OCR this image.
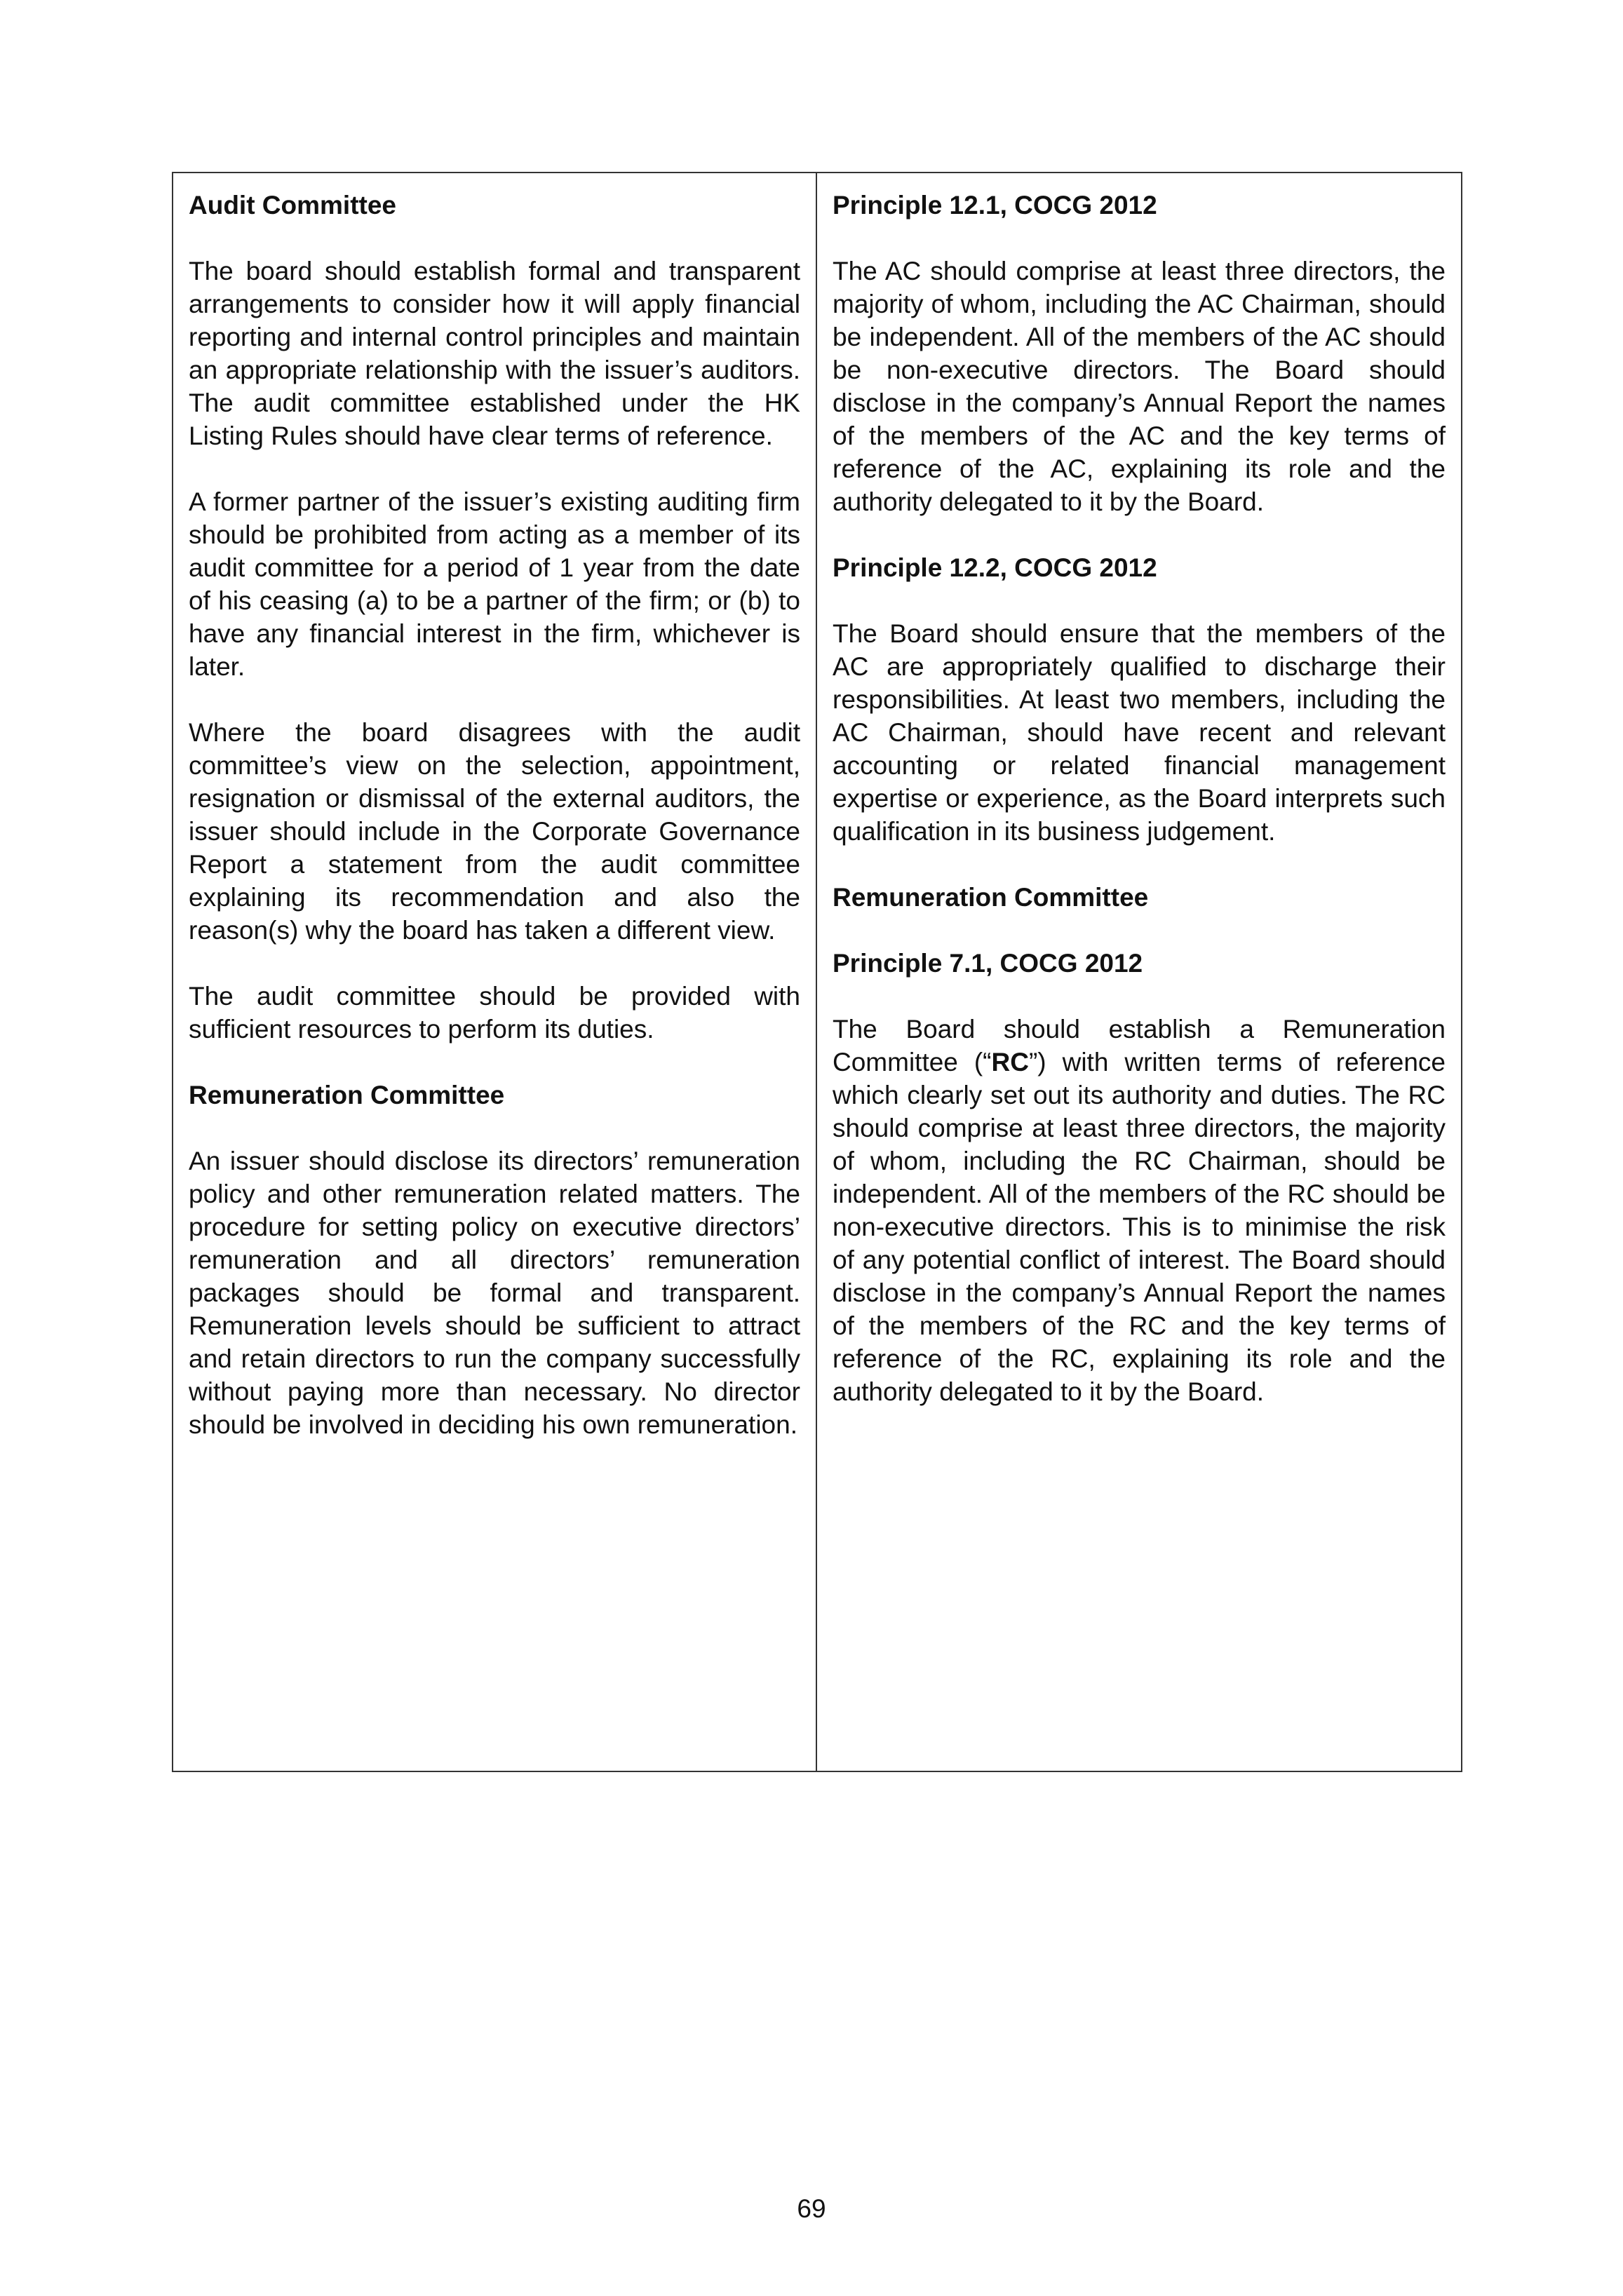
Audit Committee

The board should establish formal and transparent arrangements to consider how it will apply financial reporting and internal control principles and maintain an appropriate relationship with the issuer’s auditors. The audit committee established under the HK Listing Rules should have clear terms of reference.

A former partner of the issuer’s existing auditing firm should be prohibited from acting as a member of its audit committee for a period of 1 year from the date of his ceasing (a) to be a partner of the firm; or (b) to have any financial interest in the firm, whichever is later.

Where the board disagrees with the audit committee’s view on the selection, appointment, resignation or dismissal of the external auditors, the issuer should include in the Corporate Governance Report a statement from the audit committee explaining its recommendation and also the reason(s) why the board has taken a different view.

The audit committee should be provided with sufficient resources to perform its duties.

Remuneration Committee

An issuer should disclose its directors’ remuneration policy and other remuneration related matters. The procedure for setting policy on executive directors’ remuneration and all directors’ remuneration packages should be formal and transparent. Remuneration levels should be sufficient to attract and retain directors to run the company successfully without paying more than necessary. No director should be involved in deciding his own remuneration.

Principle 12.1, COCG 2012

The AC should comprise at least three directors, the majority of whom, including the AC Chairman, should be independent. All of the members of the AC should be non-executive directors. The Board should disclose in the company’s Annual Report the names of the members of the AC and the key terms of reference of the AC, explaining its role and the authority delegated to it by the Board.

Principle 12.2, COCG 2012

The Board should ensure that the members of the AC are appropriately qualified to discharge their responsibilities. At least two members, including the AC Chairman, should have recent and relevant accounting or related financial management expertise or experience, as the Board interprets such qualification in its business judgement.

Remuneration Committee

Principle 7.1, COCG 2012

The Board should establish a Remuneration Committee (“RC”) with written terms of reference which clearly set out its authority and duties. The RC should comprise at least three directors, the majority of whom, including the RC Chairman, should be independent. All of the members of the RC should be non-executive directors. This is to minimise the risk of any potential conflict of interest. The Board should disclose in the company’s Annual Report the names of the members of the RC and the key terms of reference of the RC, explaining its role and the authority delegated to it by the Board.

69
